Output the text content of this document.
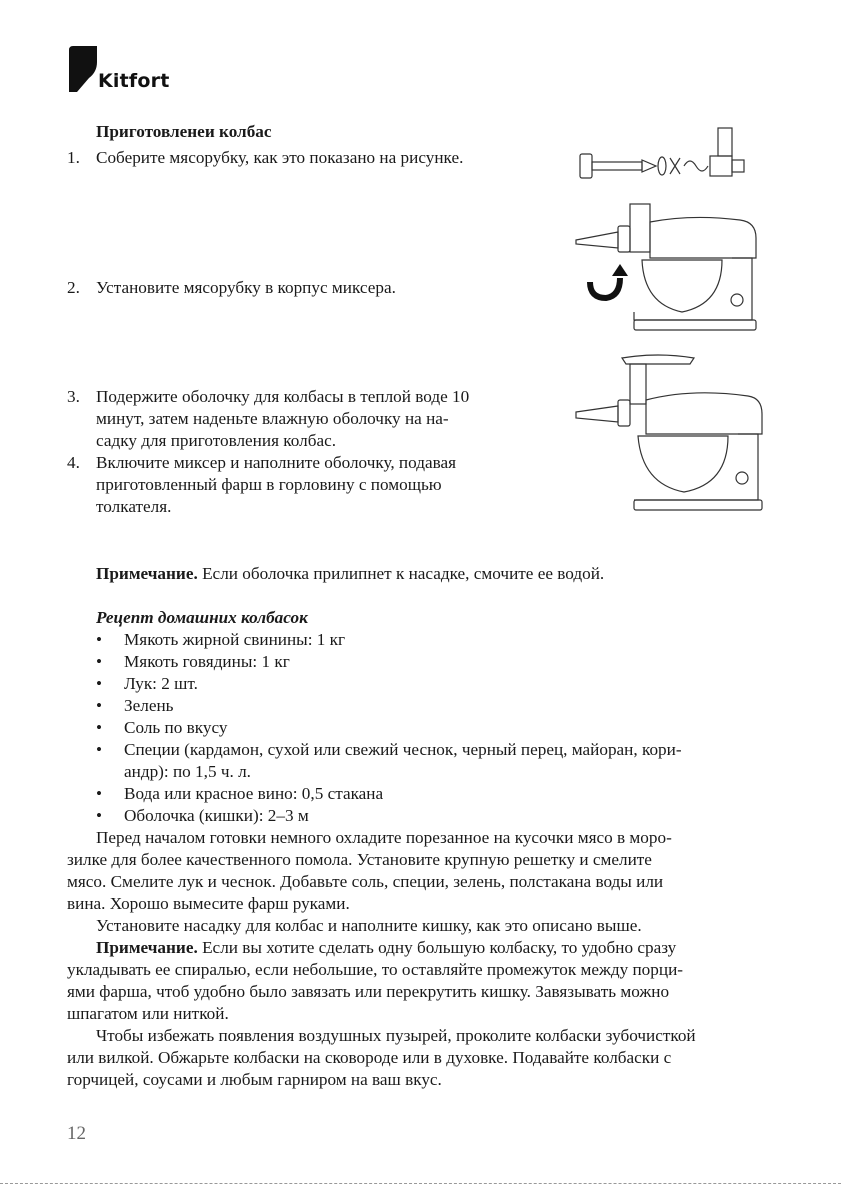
Kitfort
Приготовленеи колбас
1. Соберите мясорубку, как это показано на рисунке.
2. Установите мясорубку в корпус миксера.
3. Подержите оболочку для колбасы в теплой воде 10
минут, затем наденьте влажную оболочку на на-
садку для приготовления колбас.
4. Включите миксер и наполните оболочку, подавая
приготовленный фарш в горловину с помощью
толкателя.
Примечание. Если оболочка прилипнет к насадке, смочите ее водой.
Рецепт домашних колбасок
• Мякоть жирной свинины: 1 кг
• Мякоть говядины: 1 кг
• Лук: 2 шт.
• Зелень
• Соль по вкусу
• Специи (кардамон, сухой или свежий чеснок, черный перец, майоран, кори-
андр): по 1,5 ч. л.
• Вода или красное вино: 0,5 стакана
• Оболочка (кишки): 2–3 м
Перед началом готовки немного охладите порезанное на кусочки мясо в моро-
зилке для более качественного помола. Установите крупную решетку и смелите
мясо. Смелите лук и чеснок. Добавьте соль, специи, зелень, полстакана воды или
вина. Хорошо вымесите фарш руками.
Установите насадку для колбас и наполните кишку, как это описано выше.
Примечание. Если вы хотите сделать одну большую колбаску, то удобно сразу
укладывать ее спиралью, если небольшие, то оставляйте промежуток между порци-
ями фарша, чтоб удобно было завязать или перекрутить кишку. Завязывать можно
шпагатом или ниткой.
Чтобы избежать появления воздушных пузырей, проколите колбаски зубочисткой
или вилкой. Обжарьте колбаски на сковороде или в духовке. Подавайте колбаски с
горчицей, соусами и любым гарниром на ваш вкус.
12
